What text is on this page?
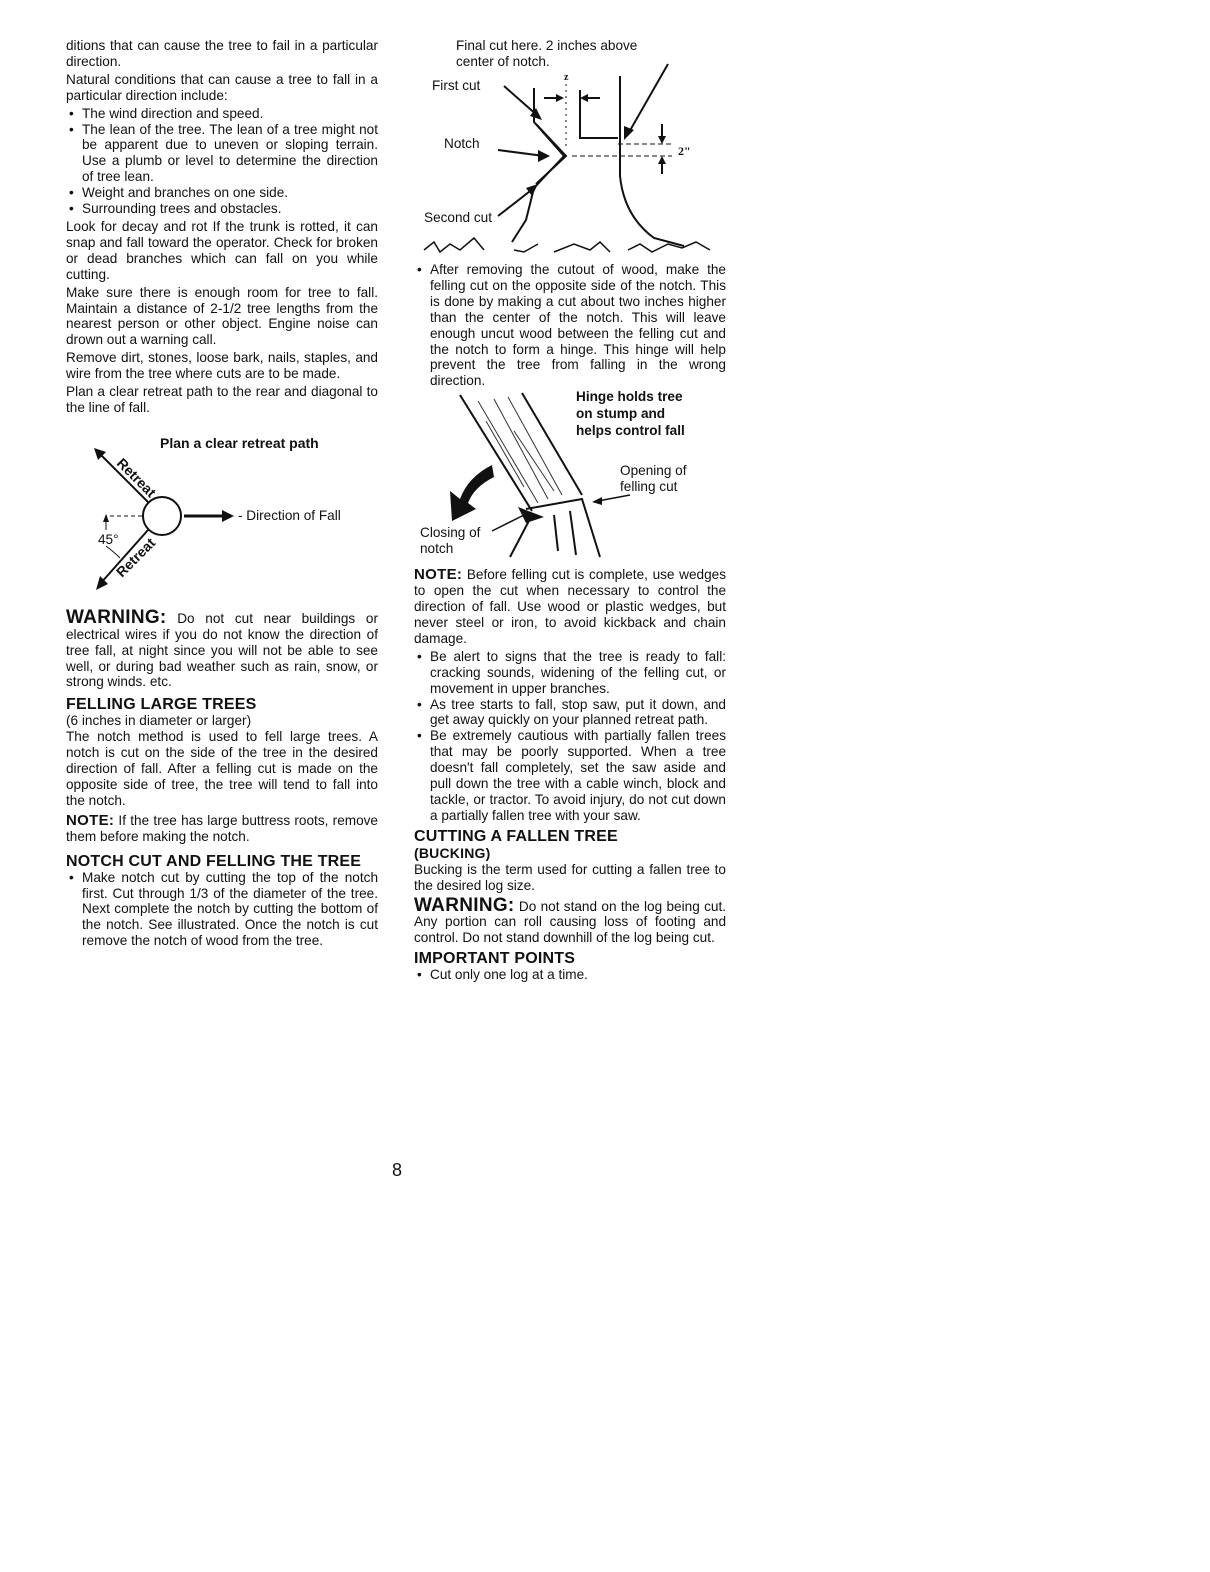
ditions that can cause the tree to fail in a particular direction.

Natural conditions that can cause a tree to fall in a particular direction include:

• The wind direction and speed.
• The lean of the tree. The lean of a tree might not be apparent due to uneven or sloping terrain. Use a plumb or level to determine the direction of tree lean.
• Weight and branches on one side.
• Surrounding trees and obstacles.

Look for decay and rot If the trunk is rotted, it can snap and fall toward the operator. Check for broken or dead branches which can fall on you while cutting.

Make sure there is enough room for tree to fall. Maintain a distance of 2-1/2 tree lengths from the nearest person or other object. Engine noise can drown out a warning call.

Remove dirt, stones, loose bark, nails, staples, and wire from the tree where cuts are to be made.

Plan a clear retreat path to the rear and diagonal to the line of fall.

Retreat
Retreat
Plan a clear retreat path
- Direction of Fall
45°

WARNING: Do not cut near buildings or electrical wires if you do not know the direction of tree fall, at night since you will not be able to see well, or during bad weather such as rain, snow, or strong winds. etc.

FELLING LARGE TREES

(6 inches in diameter or larger)

The notch method is used to fell large trees. A notch is cut on the side of the tree in the desired direction of fall. After a felling cut is made on the opposite side of tree, the tree will tend to fall into the notch.

NOTE: If the tree has large buttress roots, remove them before making the notch.

NOTCH CUT AND FELLING THE TREE
• Make notch cut by cutting the top of the notch first. Cut through 1/3 of the diameter of the tree. Next complete the notch by cutting the bottom of the notch. See illustrated. Once the notch is cut remove the notch of wood from the tree.
z
Final cut here. 2 inches above
center of notch.
First cut
Notch
Second cut
2"
• After removing the cutout of wood, make the felling cut on the opposite side of the notch. This is done by making a cut about two inches higher than the center of the notch. This will leave enough uncut wood between the felling cut and the notch to form a hinge. This hinge will help prevent the tree from falling in the wrong direction.
Hinge holds tree
on stump and
helps control fall
Opening of
felling cut
Closing of
notch

NOTE: Before felling cut is complete, use wedges to open the cut when necessary to control the direction of fall. Use wood or plastic wedges, but never steel or iron, to avoid kickback and chain damage.

• Be alert to signs that the tree is ready to fall: cracking sounds, widening of the felling cut, or movement in upper branches.
• As tree starts to fall, stop saw, put it down, and get away quickly on your planned retreat path.
• Be extremely cautious with partially fallen trees that may be poorly supported. When a tree doesn't fall completely, set the saw aside and pull down the tree with a cable winch, block and tackle, or tractor. To avoid injury, do not cut down a partially fallen tree with your saw.
CUTTING A FALLEN TREE
(BUCKING)

Bucking is the term used for cutting a fallen tree to the desired log size.

WARNING: Do not stand on the log being cut. Any portion can roll causing loss of footing and control. Do not stand downhill of the log being cut.

IMPORTANT POINTS
• Cut only one log at a time.
8
